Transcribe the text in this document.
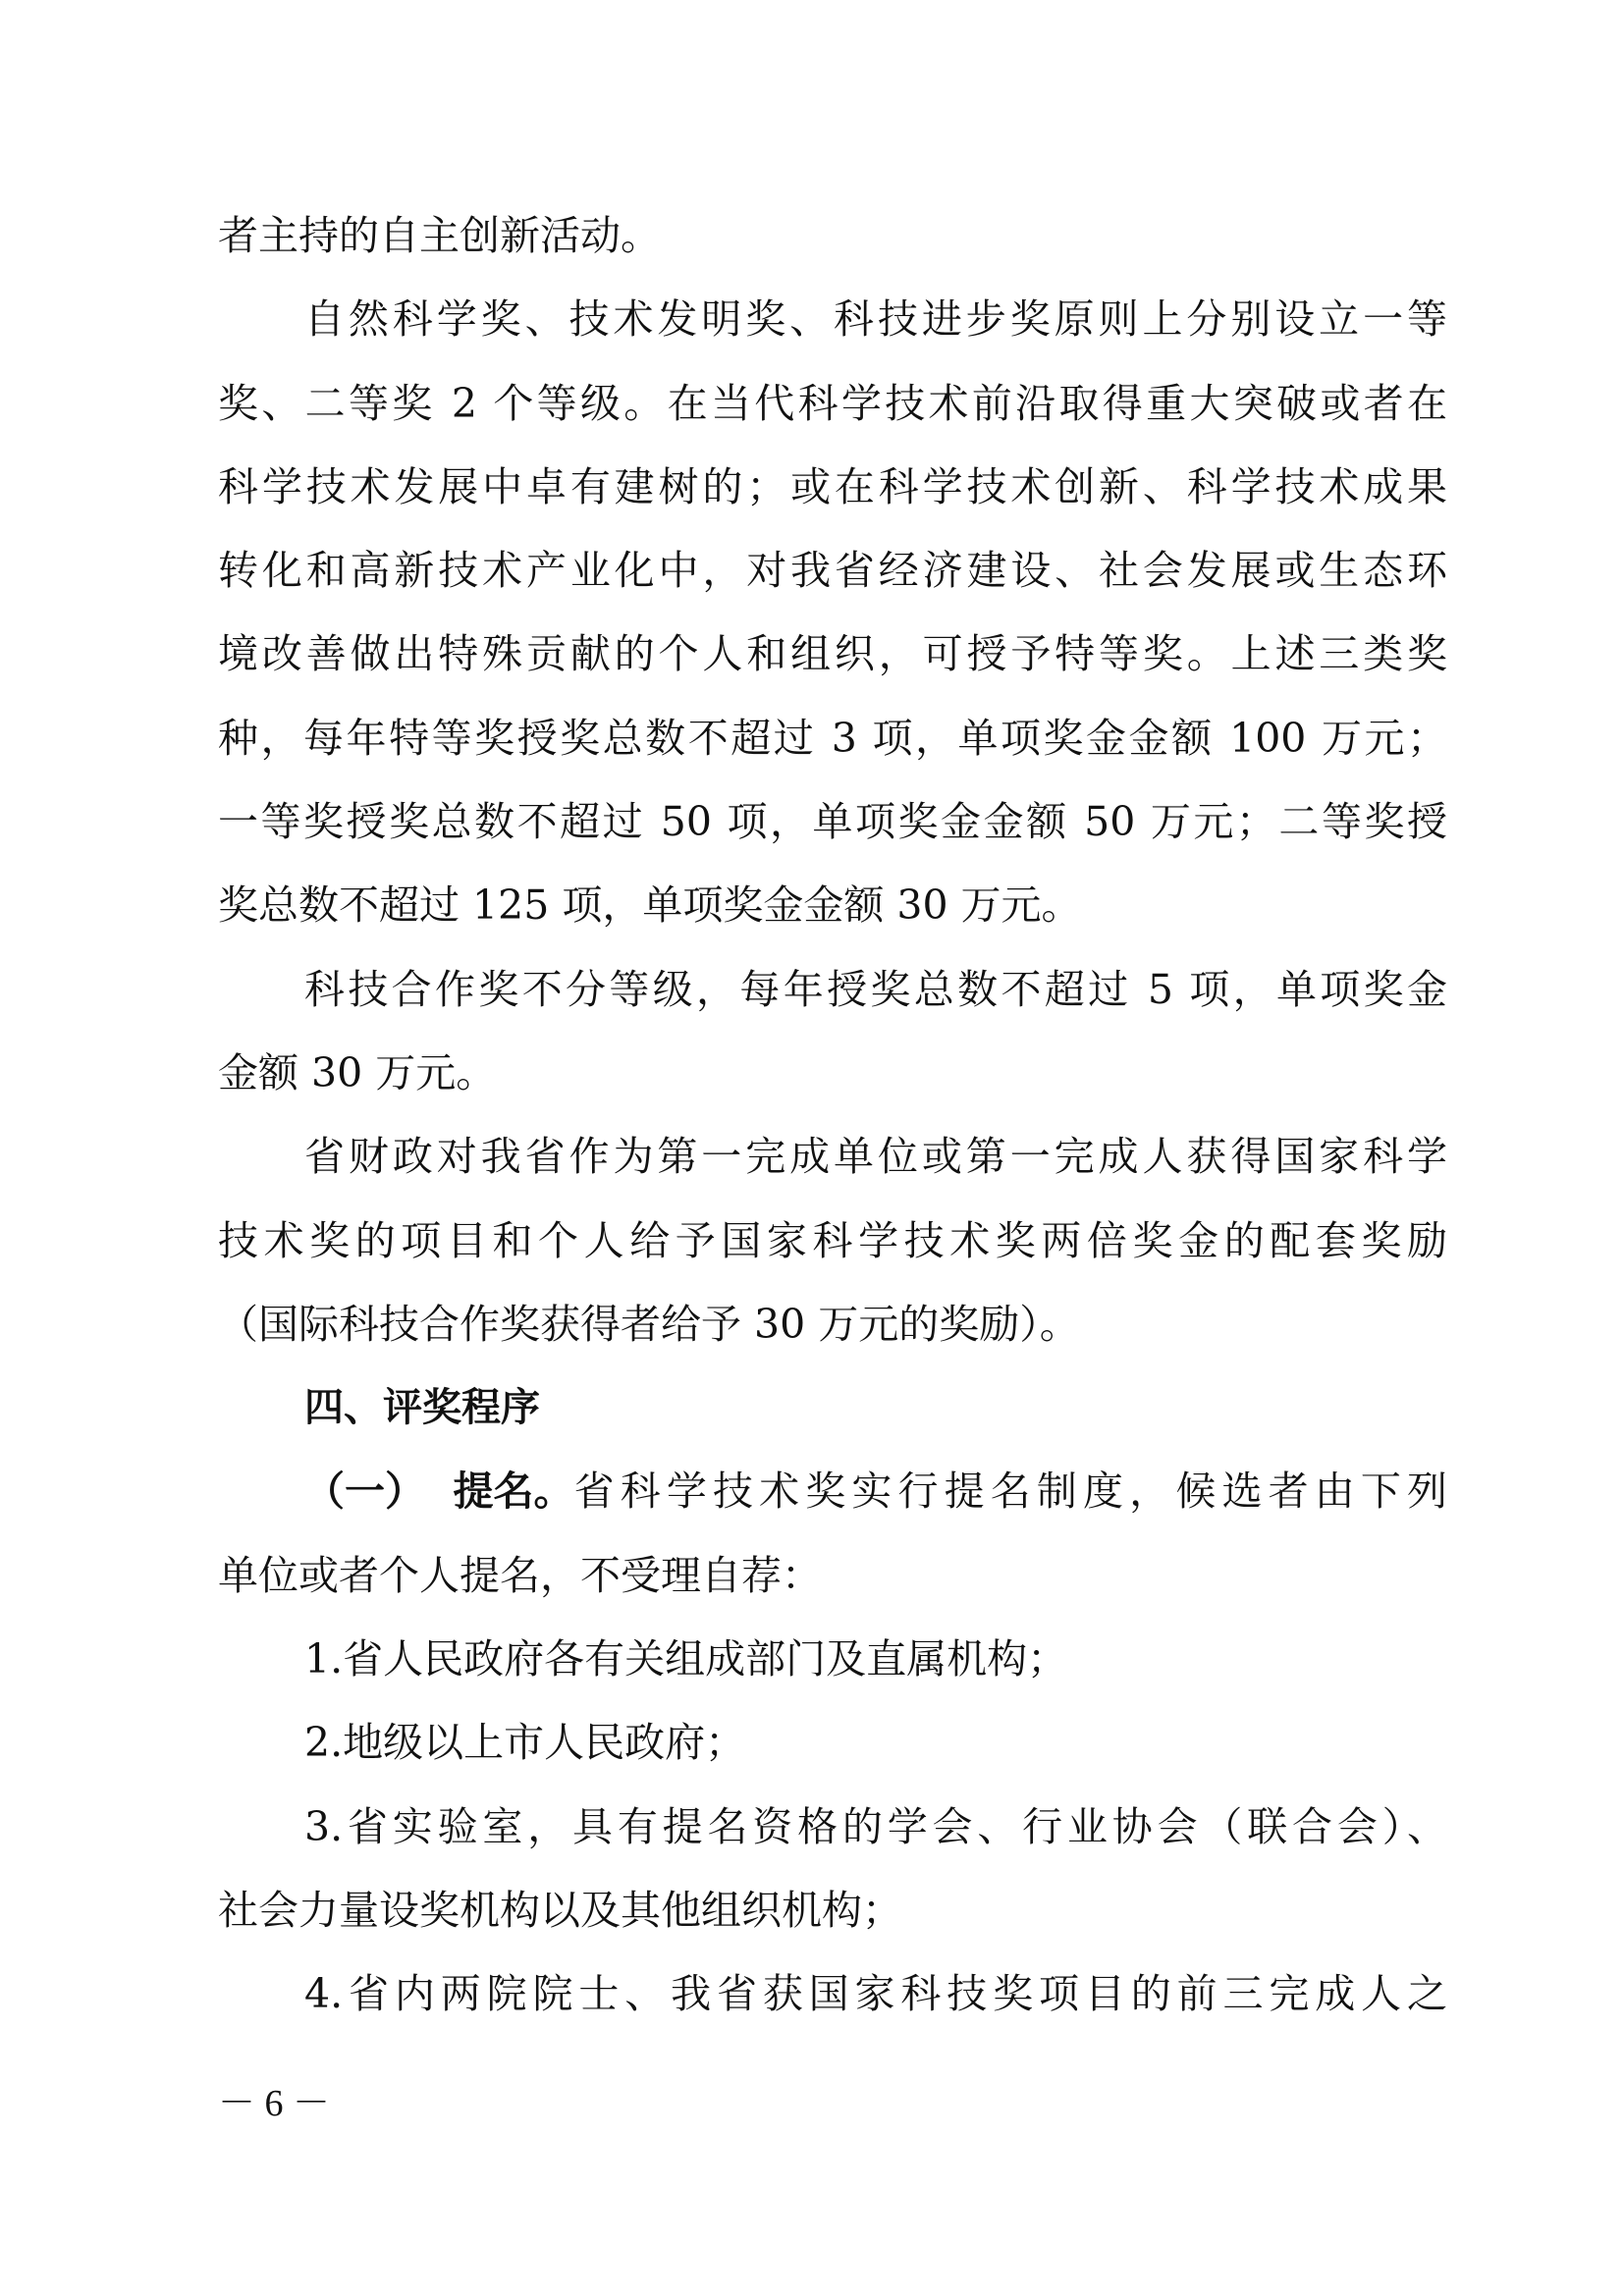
者主持的自主创新活动。
自然科学奖、技术发明奖、科技进步奖原则上分别设立一等
奖、二等奖 2 个等级。在当代科学技术前沿取得重大突破或者在
科学技术发展中卓有建树的；或在科学技术创新、科学技术成果
转化和高新技术产业化中，对我省经济建设、社会发展或生态环
境改善做出特殊贡献的个人和组织，可授予特等奖。上述三类奖
种，每年特等奖授奖总数不超过 3 项，单项奖金金额 100 万元；
一等奖授奖总数不超过 50 项，单项奖金金额 50 万元；二等奖授
奖总数不超过 125 项，单项奖金金额 30 万元。
科技合作奖不分等级，每年授奖总数不超过 5 项，单项奖金
金额 30 万元。
省财政对我省作为第一完成单位或第一完成人获得国家科学
技术奖的项目和个人给予国家科学技术奖两倍奖金的配套奖励
（国际科技合作奖获得者给予 30 万元的奖励）。
四、评奖程序
（一）  提名。 省科学技术奖实行提名制度，候选者由下列
单位或者个人提名，不受理自荐：
1.省人民政府各有关组成部门及直属机构；
2.地级以上市人民政府；
3.省实验室，具有提名资格的学会、行业协会（联合会）、
社会力量设奖机构以及其他组织机构；
4.省内两院院士、我省获国家科技奖项目的前三完成人之
－ 6 －
